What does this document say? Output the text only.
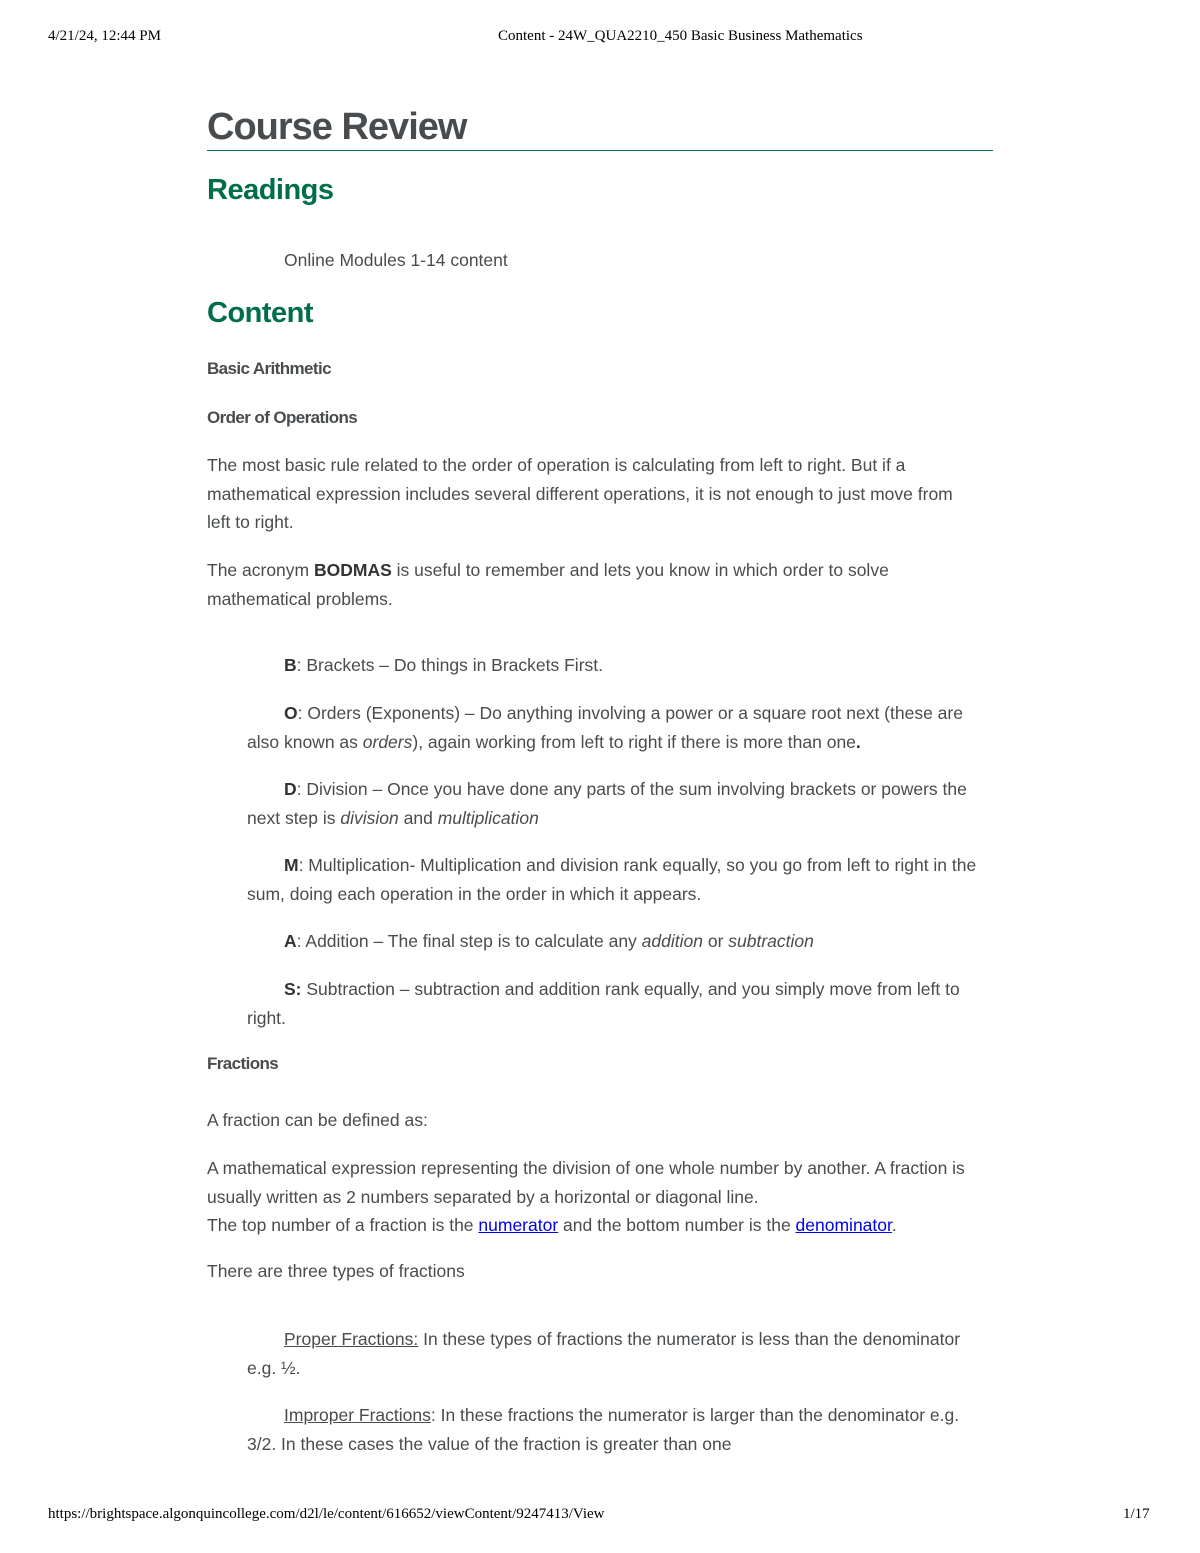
4/21/24, 12:44 PM	Content - 24W_QUA2210_450 Basic Business Mathematics
Course Review
Readings

Online Modules 1-14 content

Content
Basic Arithmetic
Order of Operations

The most basic rule related to the order of operation is calculating from left to right. But if a mathematical expression includes several different operations, it is not enough to just move from left to right.

The acronym BODMAS is useful to remember and lets you know in which order to solve mathematical problems.

B: Brackets – Do things in Brackets First.

O: Orders (Exponents) – Do anything involving a power or a square root next (these are also known as orders), again working from left to right if there is more than one.

D: Division – Once you have done any parts of the sum involving brackets or powers the next step is division and multiplication

M: Multiplication- Multiplication and division rank equally, so you go from left to right in the sum, doing each operation in the order in which it appears.

A: Addition – The final step is to calculate any addition or subtraction

S: Subtraction – subtraction and addition rank equally, and you simply move from left to right.

Fractions

A fraction can be defined as:

A mathematical expression representing the division of one whole number by another. A fraction is usually written as 2 numbers separated by a horizontal or diagonal line.
The top number of a fraction is the numerator and the bottom number is the denominator.

There are three types of fractions

Proper Fractions: In these types of fractions the numerator is less than the denominator e.g. ½.

Improper Fractions: In these fractions the numerator is larger than the denominator e.g. 3/2. In these cases the value of the fraction is greater than one

https://brightspace.algonquincollege.com/d2l/le/content/616652/viewContent/9247413/View	1/17
